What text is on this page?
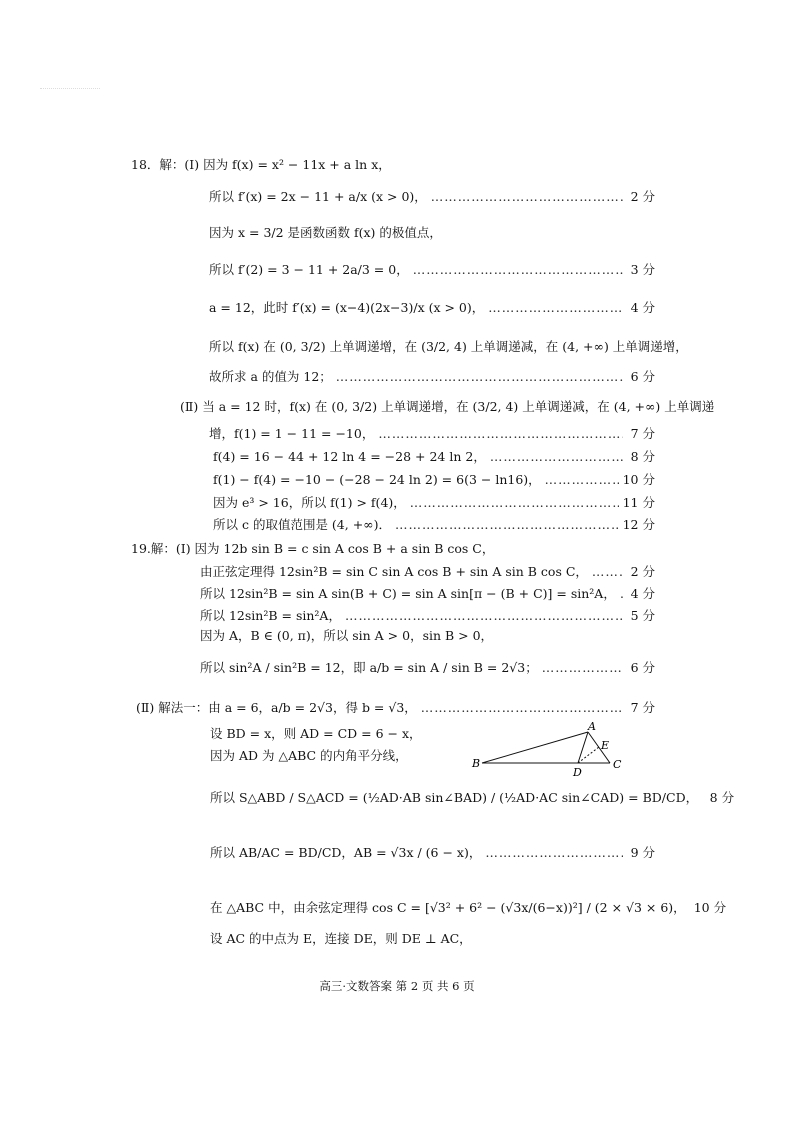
18．解：(Ⅰ) 因为 f(x) = x² − 11x + a ln x，
所以 f′(x) = 2x − 11 + a/x (x > 0)， ……………………………………………………………………………………………………………………………………………………………………	2 分
因为 x = 3/2 是函数函数 f(x) 的极值点，
所以 f′(2) = 3 − 11 + 2a/3 = 0， ……………………………………………………………………………………………………………………………………………………………………	3 分
a = 12，此时 f′(x) = (x−4)(2x−3)/x (x > 0)， ……………………………………………………………………………………………………………………………………………………………………	4 分
所以 f(x) 在 (0, 3/2) 上单调递增，在 (3/2, 4) 上单调递减，在 (4, +∞) 上单调递增，
故所求 a 的值为 12； ……………………………………………………………………………………………………………………………………………………………………	6 分
(Ⅱ) 当 a = 12 时，f(x) 在 (0, 3/2) 上单调递增，在 (3/2, 4) 上单调递减，在 (4, +∞) 上单调递
增，f(1) = 1 − 11 = −10， ……………………………………………………………………………………………………………………………………………………………………	7 分
f(4) = 16 − 44 + 12 ln 4 = −28 + 24 ln 2， ……………………………………………………………………………………………………………………………………………………………………	8 分
f(1) − f(4) = −10 − (−28 − 24 ln 2) = 6(3 − ln16)， ……………………………………………………………………………………………………………………………………………………………………	10 分
因为 e³ > 16，所以 f(1) > f(4)， ……………………………………………………………………………………………………………………………………………………………………	11 分
所以 c 的取值范围是 (4, +∞)． ……………………………………………………………………………………………………………………………………………………………………	12 分
19.解：(Ⅰ) 因为 12b sin B = c sin A cos B + a sin B cos C，
由正弦定理得 12sin²B = sin C sin A cos B + sin A sin B cos C， ……………………………………………………………………………………………………………………………………………………………………	2 分
所以 12sin²B = sin A sin(B + C) = sin A sin[π − (B + C)] = sin²A， …………………………………………………………………………………………………………………………………………………………………… 4 分
所以 12sin²B = sin²A， ……………………………………………………………………………………………………………………………………………………………………	5 分
因为 A，B ∈ (0, π)，所以 sin A > 0，sin B > 0，
所以 sin²A / sin²B = 12，即 a/b = sin A / sin B = 2√3； ……………………………………………………………………………………………………………………………………………………………………	6 分
(Ⅱ) 解法一：由 a = 6，a/b = 2√3，得 b = √3， ……………………………………………………………………………………………………………………………………………………………………	7 分
设 BD = x，则 AD = CD = 6 − x，
因为 AD 为 △ABC 的内角平分线，
A
B	C
D
E
所以 S△ABD / S△ACD = (½AD·AB sin∠BAD) / (½AD·AC sin∠CAD) = BD/CD， 8 分
所以 AB/AC = BD/CD，AB = √3x / (6 − x)， ……………………………………………………………………………………………………………………………………………………………………	9 分
在 △ABC 中，由余弦定理得 cos C = [√3² + 6² − (√3x/(6−x))²] / (2 × √3 × 6)， 10 分
设 AC 的中点为 E，连接 DE，则 DE ⊥ AC，
高三·文数答案 第 2 页 共 6 页
